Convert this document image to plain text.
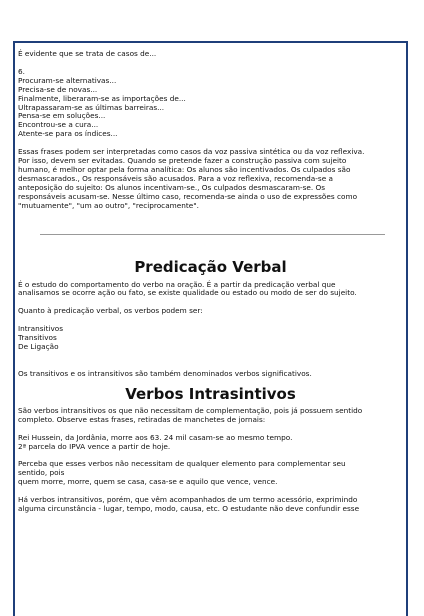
É evidente que se trata de casos de...

6.

Procuram-se alternativas...

Precisa-se de novas...

Finalmente, liberaram-se as importações de...

Ultrapassaram-se as últimas barreiras...

Pensa-se em soluções...

Encontrou-se a cura...

Atente-se para os índices...

Essas frases podem ser interpretadas como casos da voz passiva sintética ou da voz reflexiva.

Por isso, devem ser evitadas. Quando se pretende fazer a construção passiva com sujeito

humano, é melhor optar pela forma analítica: Os alunos são incentivados. Os culpados são

desmascarados., Os responsáveis são acusados. Para a voz reflexiva, recomenda-se a

anteposição do sujeito: Os alunos incentivam-se., Os culpados desmascaram-se. Os

responsáveis acusam-se. Nesse último caso, recomenda-se ainda o uso de expressões como

"mutuamente", "um ao outro", "reciprocamente".

Predicação Verbal

É o estudo do comportamento do verbo na oração. É a partir da predicação verbal que

analisamos se ocorre ação ou fato, se existe qualidade ou estado ou modo de ser do sujeito.

Quanto à predicação verbal, os verbos podem ser:

Intransitivos

Transitivos

De Ligação

Os transitivos e os intransitivos são também denominados verbos significativos.

Verbos Intrasintivos

São verbos intransitivos os que não necessitam de complementação, pois já possuem sentido

completo. Observe estas frases, retiradas de manchetes de jornais:

Rei Hussein, da Jordânia, morre aos 63. 24 mil casam-se ao mesmo tempo.

2ª parcela do IPVA vence a partir de hoje.

Perceba que esses verbos não necessitam de qualquer elemento para complementar seu

sentido, pois

quem morre, morre, quem se casa, casa-se e aquilo que vence, vence.

Há verbos intransitivos, porém, que vêm acompanhados de um termo acessório, exprimindo

alguma circunstância - lugar, tempo, modo, causa, etc. O estudante não deve confundir esse
